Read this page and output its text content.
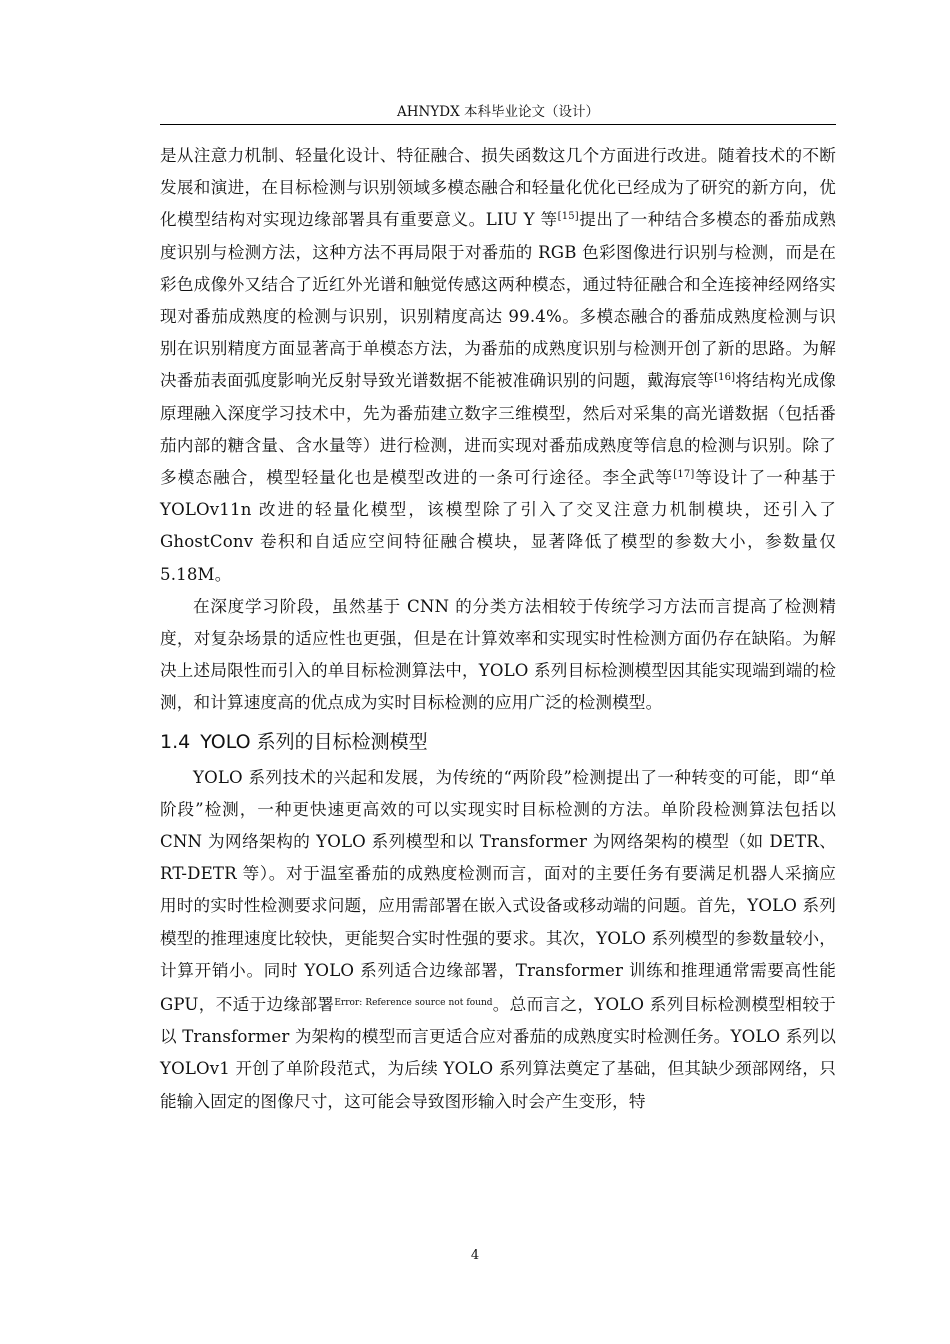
AHNYDX 本科毕业论文（设计）

是从注意力机制、轻量化设计、特征融合、损失函数这几个方面进行改进。随着技术的不断发展和演进，在目标检测与识别领域多模态融合和轻量化优化已经成为了研究的新方向，优化模型结构对实现边缘部署具有重要意义。LIU Y 等[15]提出了一种结合多模态的番茄成熟度识别与检测方法，这种方法不再局限于对番茄的 RGB 色彩图像进行识别与检测，而是在彩色成像外又结合了近红外光谱和触觉传感这两种模态，通过特征融合和全连接神经网络实现对番茄成熟度的检测与识别，识别精度高达 99.4%。多模态融合的番茄成熟度检测与识别在识别精度方面显著高于单模态方法，为番茄的成熟度识别与检测开创了新的思路。为解决番茄表面弧度影响光反射导致光谱数据不能被准确识别的问题，戴海宸等[16]将结构光成像原理融入深度学习技术中，先为番茄建立数字三维模型，然后对采集的高光谱数据（包括番茄内部的糖含量、含水量等）进行检测，进而实现对番茄成熟度等信息的检测与识别。除了多模态融合，模型轻量化也是模型改进的一条可行途径。李全武等[17]等设计了一种基于 YOLOv11n 改进的轻量化模型，该模型除了引入了交叉注意力机制模块，还引入了 GhostConv 卷积和自适应空间特征融合模块，显著降低了模型的参数大小，参数量仅 5.18M。

在深度学习阶段，虽然基于 CNN 的分类方法相较于传统学习方法而言提高了检测精度，对复杂场景的适应性也更强，但是在计算效率和实现实时性检测方面仍存在缺陷。为解决上述局限性而引入的单目标检测算法中，YOLO 系列目标检测模型因其能实现端到端的检测，和计算速度高的优点成为实时目标检测的应用广泛的检测模型。

1.4 YOLO 系列的目标检测模型

YOLO 系列技术的兴起和发展，为传统的“两阶段”检测提出了一种转变的可能，即“单阶段”检测，一种更快速更高效的可以实现实时目标检测的方法。单阶段检测算法包括以 CNN 为网络架构的 YOLO 系列模型和以 Transformer 为网络架构的模型（如 DETR、RT-DETR 等）。对于温室番茄的成熟度检测而言，面对的主要任务有要满足机器人采摘应用时的实时性检测要求问题，应用需部署在嵌入式设备或移动端的问题。首先，YOLO 系列模型的推理速度比较快，更能契合实时性强的要求。其次，YOLO 系列模型的参数量较小，计算开销小。同时 YOLO 系列适合边缘部署，Transformer 训练和推理通常需要高性能 GPU，不适于边缘部署$^{Error: Reference source not found}$。总而言之，YOLO 系列目标检测模型相较于以 Transformer 为架构的模型而言更适合应对番茄的成熟度实时检测任务。YOLO 系列以 YOLOv1 开创了单阶段范式，为后续 YOLO 系列算法奠定了基础，但其缺少颈部网络，只能输入固定的图像尺寸，这可能会导致图形输入时会产生变形，特

4
